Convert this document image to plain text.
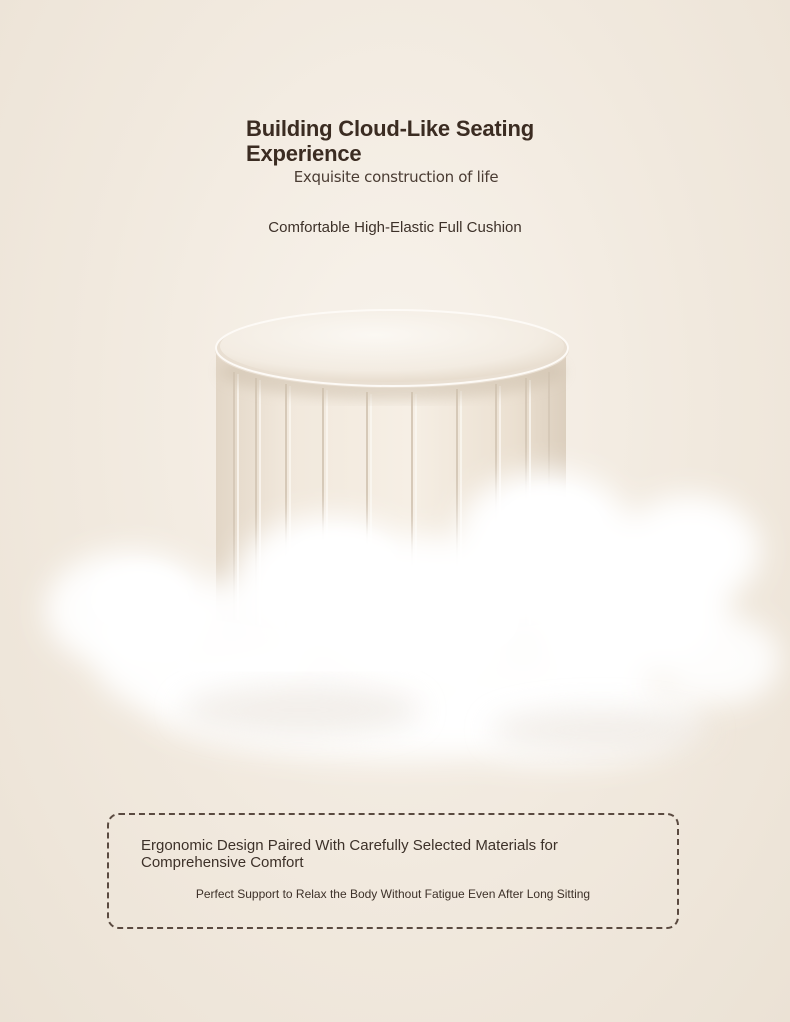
Building Cloud-Like Seating Experience
Exquisite construction of life
Comfortable High-Elastic Full Cushion
Ergonomic Design Paired With Carefully Selected Materials for Comprehensive Comfort
Perfect Support to Relax the Body Without Fatigue Even After Long Sitting
